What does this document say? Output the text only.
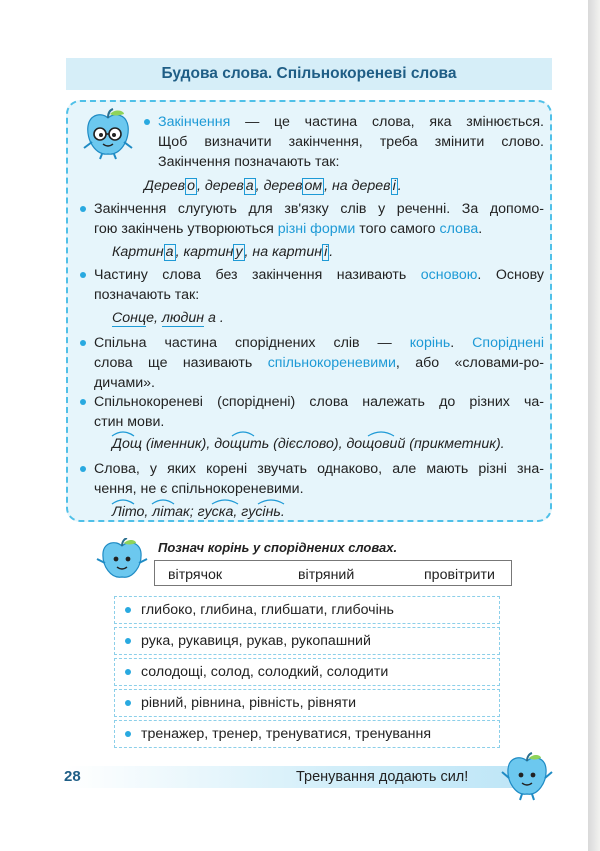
Будова слова. Спільнокореневі слова
Закінчення — це частина слова, яка змінюється.
Щоб визначити закінчення, треба змінити слово.
Закінчення позначають так:
Дерев о , дерев а , дерев ом , на дерев і .
Закінчення слугують для зв'язку слів у реченні. За допомо-
гою закінчень утворюються різні форми того самого слова.
Картин а , картин у , на картин і .
Частину слова без закінчення називають основою. Основу
позначають так:
Сонце, людин а .
Спільна частина споріднених слів — корінь. Споріднені
слова ще називають спільнокореневими, або «словами-ро-
дичами».
Спільнокореневі (споріднені) слова належать до різних ча-
стин мови.
Дощ (іменник), дощить (дієслово), дощовий (прикметник).
Слова, у яких корені звучать однаково, але мають різні зна-
чення, не є спільнокореневими.
Літо, літак; гуска, гусінь.
Познач корінь у споріднених словах.
вітрячок	вітряний	провітрити
глибоко, глибина, глибшати, глибочінь
рука, рукавиця, рукав, рукопашний
солодощі, солод, солодкий, солодити
рівний, рівнина, рівність, рівняти
тренажер, тренер, тренуватися, тренування
28	Тренування додають сил!
